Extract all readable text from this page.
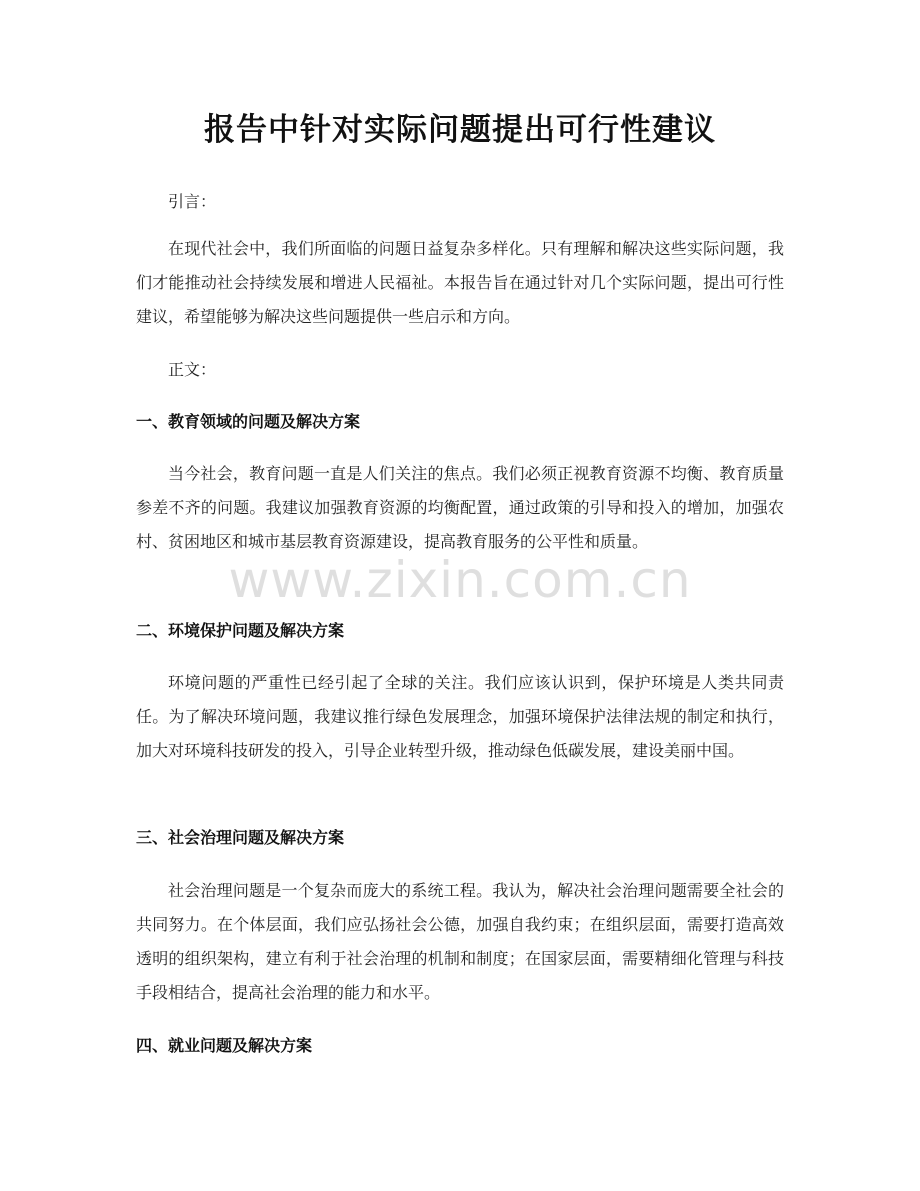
报告中针对实际问题提出可行性建议
引言：
在现代社会中，我们所面临的问题日益复杂多样化。只有理解和解决这些实际问题，我们才能推动社会持续发展和增进人民福祉。本报告旨在通过针对几个实际问题，提出可行性建议，希望能够为解决这些问题提供一些启示和方向。
正文：
一、教育领域的问题及解决方案
当今社会，教育问题一直是人们关注的焦点。我们必须正视教育资源不均衡、教育质量参差不齐的问题。我建议加强教育资源的均衡配置，通过政策的引导和投入的增加，加强农村、贫困地区和城市基层教育资源建设，提高教育服务的公平性和质量。
二、环境保护问题及解决方案
环境问题的严重性已经引起了全球的关注。我们应该认识到，保护环境是人类共同责任。为了解决环境问题，我建议推行绿色发展理念，加强环境保护法律法规的制定和执行，加大对环境科技研发的投入，引导企业转型升级，推动绿色低碳发展，建设美丽中国。
三、社会治理问题及解决方案
社会治理问题是一个复杂而庞大的系统工程。我认为，解决社会治理问题需要全社会的共同努力。在个体层面，我们应弘扬社会公德，加强自我约束；在组织层面，需要打造高效透明的组织架构，建立有利于社会治理的机制和制度；在国家层面，需要精细化管理与科技手段相结合，提高社会治理的能力和水平。
四、就业问题及解决方案
www.zixin.com.cn
